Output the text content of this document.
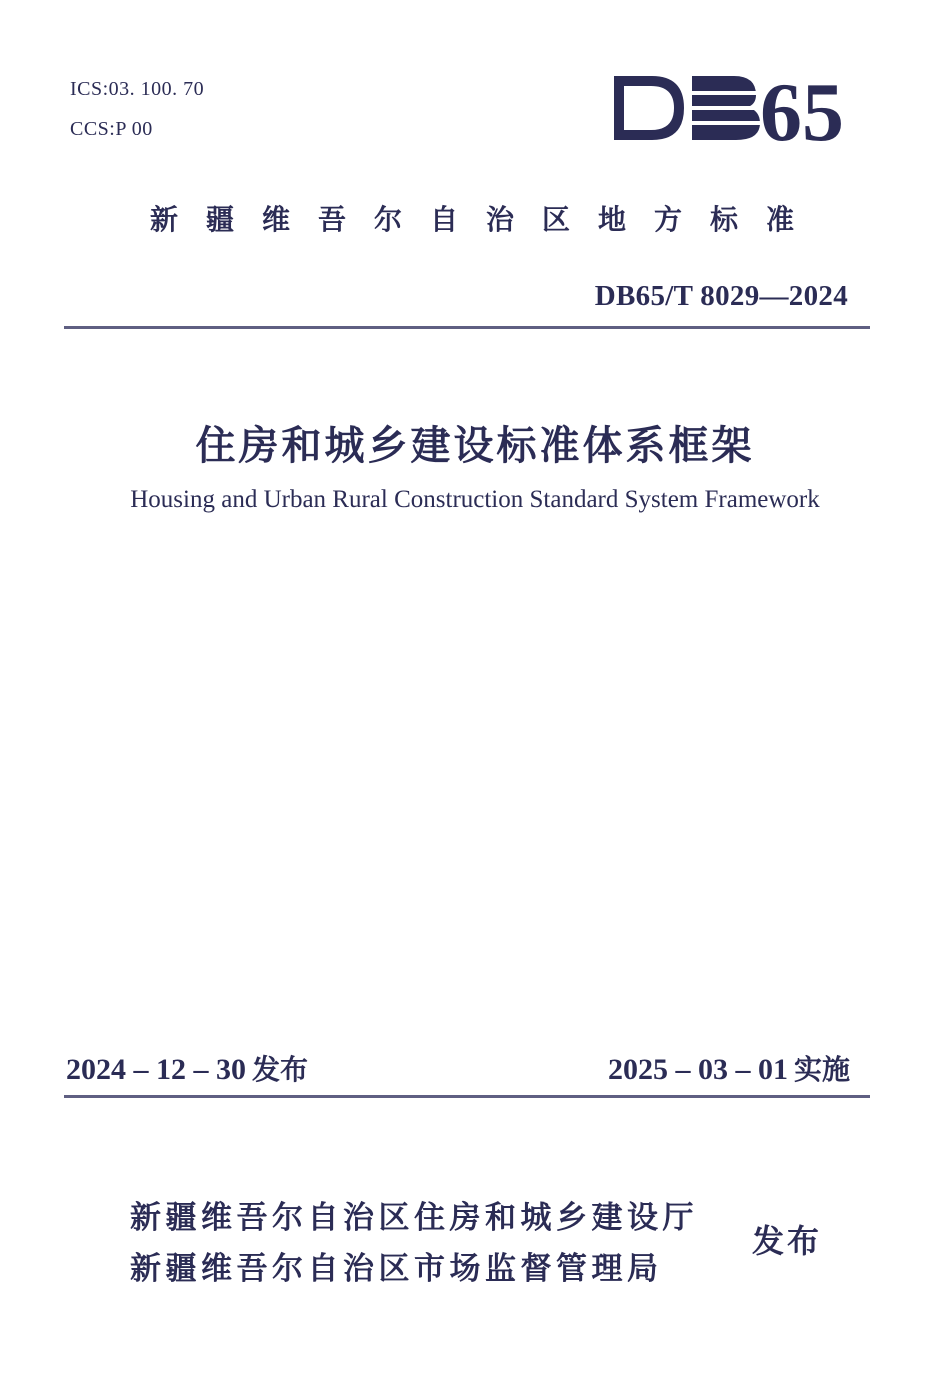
ICS:03. 100. 70
CCS:P 00	65
新疆维吾尔自治区地方标准
DB65/T 8029—2024
住房和城乡建设标准体系框架
Housing and Urban Rural Construction Standard System Framework
2024 – 12 – 30 发布	2025 – 03 – 01 实施
新疆维吾尔自治区住房和城乡建设厅
新疆维吾尔自治区市场监督管理局
发布
